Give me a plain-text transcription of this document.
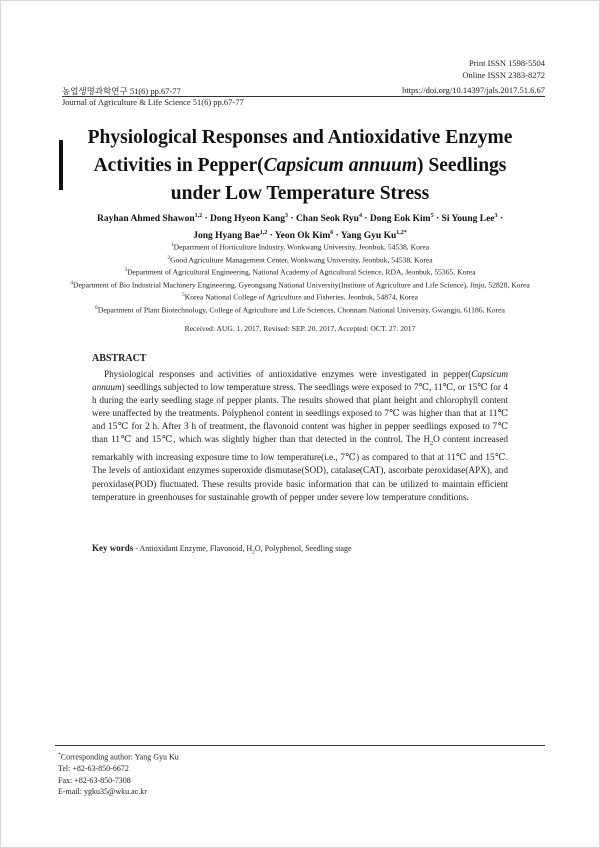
Print ISSN 1598-5504
Online ISSN 2383-8272
https://doi.org/10.14397/jals.2017.51.6.67
농업생명과학연구 51(6) pp.67-77
Journal of Agriculture & Life Science 51(6) pp.67-77
Physiological Responses and Antioxidative Enzyme Activities in Pepper(Capsicum annuum) Seedlings under Low Temperature Stress
Rayhan Ahmed Shawon$^{1,2}$ · Dong Hyeon Kang$^3$ · Chan Seok Ryu$^4$ · Dong Eok Kim$^5$ · Si Young Lee$^3$ ·
Jong Hyang Bae$^{1,2}$ · Yeon Ok Kim$^6$ · Yang Gyu $Ku^{1,2*}$
$^1$Department of Horticulture Industry, Wonkwang University, Jeonbuk, 54538, Korea
$^2$Good Agriculture Management Center, Wonkwang University, Jeonbuk, 54538, Korea
$^3$Department of Agricultural Engineering, National Academy of Agricultural Science, RDA, Jeonbuk, 55365, Korea
$^4$Department of Bio Industrial Machinery Engineering, Gyeongsang National University(Institute of Agriculture and Life Science), Jinju, 52828, Korea
$^5$Korea National College of Agriculture and Fisheries, Jeonbuk, 54874, Korea
$^6$Department of Plant Biotechnology, College of Agriculture and Life Sciences, Chonnam National University, Gwangju, 61186, Korea
Received: AUG. 1. 2017, Revised: SEP. 20. 2017, Accepted: OCT. 27. 2017
ABSTRACT
Physiological responses and activities of antioxidative enzymes were investigated in pepper(Capsicum annuum) seedlings subjected to low temperature stress. The seedlings were exposed to 7℃, 11℃, or 15℃ for 4 h during the early seedling stage of pepper plants. The results showed that plant height and chlorophyll content were unaffected by the treatments. Polyphenol content in seedlings exposed to 7℃ was higher than that at 11℃ and 15℃ for 2 h. After 3 h of treatment, the flavonoid content was higher in pepper seedlings exposed to 7℃ than 11℃ and 15℃, which was slightly higher than that detected in the control. The $H_2O$ content increased remarkably with increasing exposure time to low temperature(i.e., 7℃) as compared to that at 11℃ and 15℃. The levels of antioxidant enzymes superoxide dismutase(SOD), catalase(CAT), ascorbate peroxidase(APX), and peroxidase(POD) fluctuated. These results provide basic information that can be utilized to maintain efficient temperature in greenhouses for sustainable growth of pepper under severe low temperature conditions.
Key words - Antioxidant Enzyme, Flavonoid, $H_2O$, Polyphenol, Seedling stage
*Corresponding author: Yang Gyu Ku
Tel: +82-63-850-6672
Fax: +82-63-850-7308
E-mail: ygku35@wku.ac.kr
